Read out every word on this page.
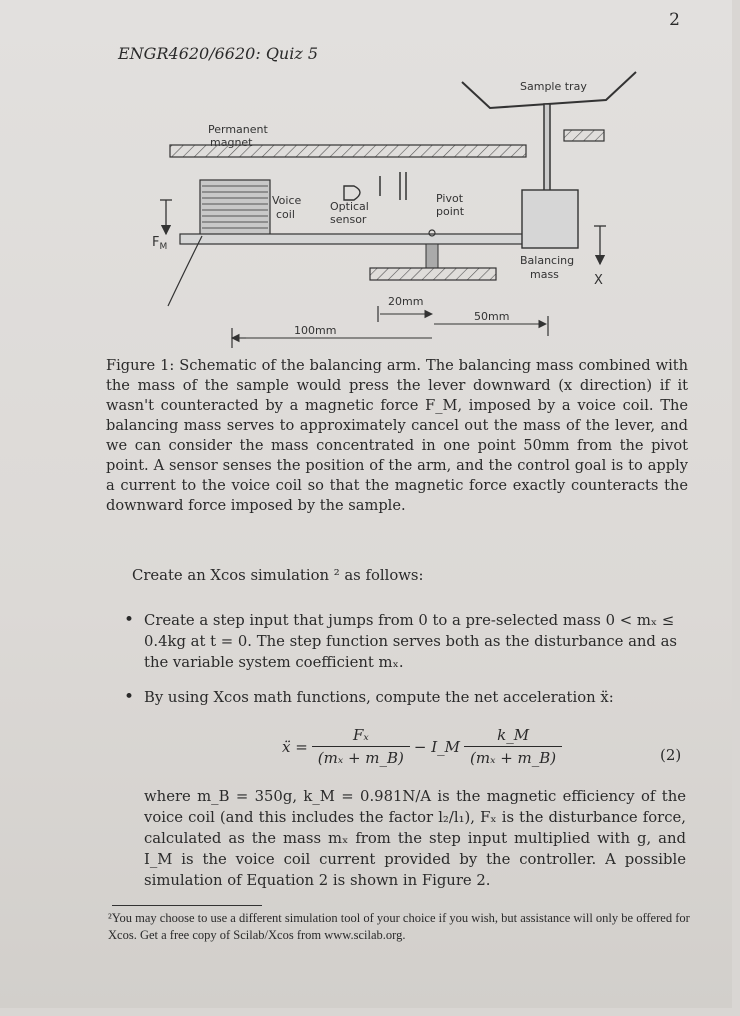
2
ENGR4620/6620: Quiz 5
Sample tray
Permanent
magnet
Voice
coil
Optical
sensor
Pivot
point
Balancing
mass	X
$F_M$
20mm
50mm
100mm
Figure 1: Schematic of the balancing arm. The balancing mass combined with the mass of the sample would press the lever downward (x direction) if it wasn't counteracted by a magnetic force F_M, imposed by a voice coil. The balancing mass serves to approximately cancel out the mass of the lever, and we can consider the mass concentrated in one point 50mm from the pivot point. A sensor senses the position of the arm, and the control goal is to apply a current to the voice coil so that the magnetic force exactly counteracts the downward force imposed by the sample.
Create an Xcos simulation ² as follows:
• Create a step input that jumps from 0 to a pre-selected mass 0 < mₓ ≤ 0.4kg at t = 0. The step function serves both as the disturbance and as the variable system coefficient mₓ.
• By using Xcos math functions, compute the net acceleration ẍ:
ẍ = $\frac{\text{Fₓ}}{\text{(mₓ + m\_B)}}$ − I_M $\frac{k\_M}{\text{(mₓ + m\_B)}}$	(2)
where m_B = 350g, k_M = 0.981N/A is the magnetic efficiency of the voice coil (and this includes the factor l₂/l₁), Fₓ is the disturbance force, calculated as the mass mₓ from the step input multiplied with g, and I_M is the voice coil current provided by the controller. A possible simulation of Equation 2 is shown in Figure 2.
²You may choose to use a different simulation tool of your choice if you wish, but assistance will only be offered for Xcos. Get a free copy of Scilab/Xcos from www.scilab.org.
